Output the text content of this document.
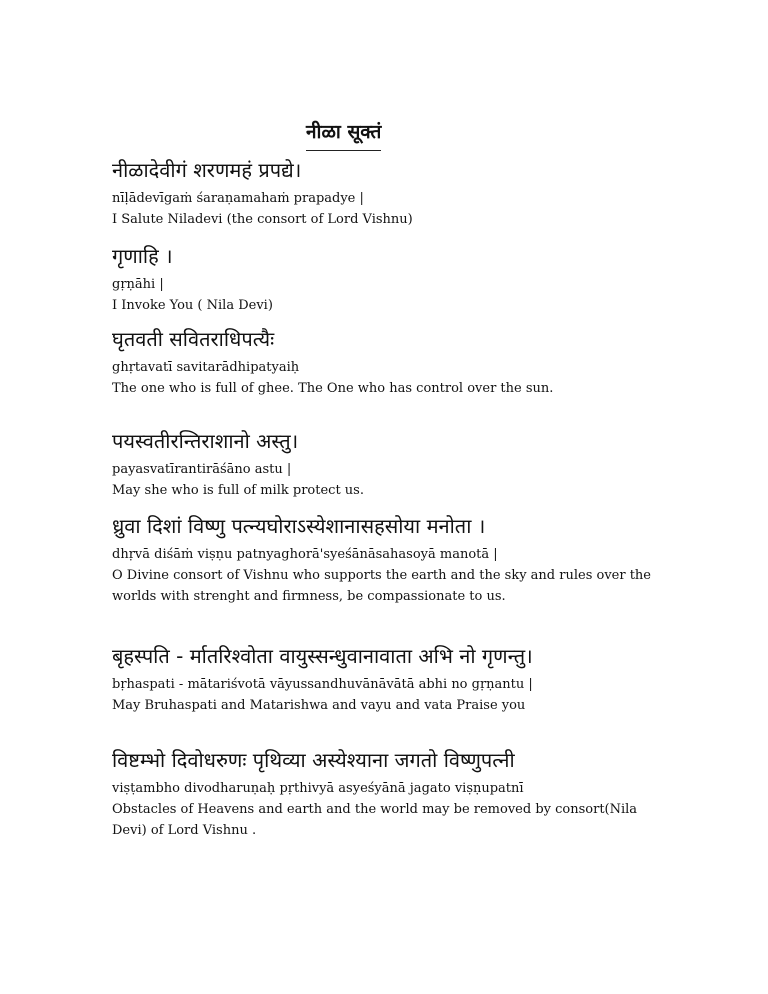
नीळा सूक्तं
नीळादेवीगं शरणमहं प्रपद्ये।
nīḷādevīgaṁ śaraṇamahaṁ prapadye |
I Salute Niladevi (the consort of Lord Vishnu)
गृणाहि ।
gṛṇāhi |
I Invoke You ( Nila Devi)
घृतवती सवितराधिपत्यैः
ghṛtavatī savitarādhipatyaiḥ
The one who is full of ghee. The One who has control over the sun.
पयस्वतीरन्तिराशानो अस्तु।
payasvatīrantirāśāno astu |
May she who is full of milk protect us.
ध्रुवा दिशां विष्णु पत्न्यघोराऽस्येशानासहसोया मनोता ।
dhṛvā diśāṁ viṣṇu patnyaghorā'syeśānāsahasoyā manotā |
O Divine consort of Vishnu who supports the earth and the sky and rules over the worlds with strenght and firmness, be compassionate to us.
बृहस्पति - र्मातरिश्वोता वायुस्सन्धुवानावाता अभि नो गृणन्तु।
bṛhaspati - mātariśvotā vāyussandhuvānāvātā abhi no gṛṇantu |
May Bruhaspati and Matarishwa and vayu and vata Praise you
विष्टम्भो दिवोधरुणः पृथिव्या अस्येश्याना जगतो विष्णुपत्नी
viṣṭambho divodharuṇaḥ pṛthivyā asyeśyānā jagato viṣṇupatnī
Obstacles of Heavens and earth and the world may be removed by consort(Nila Devi) of Lord Vishnu .
